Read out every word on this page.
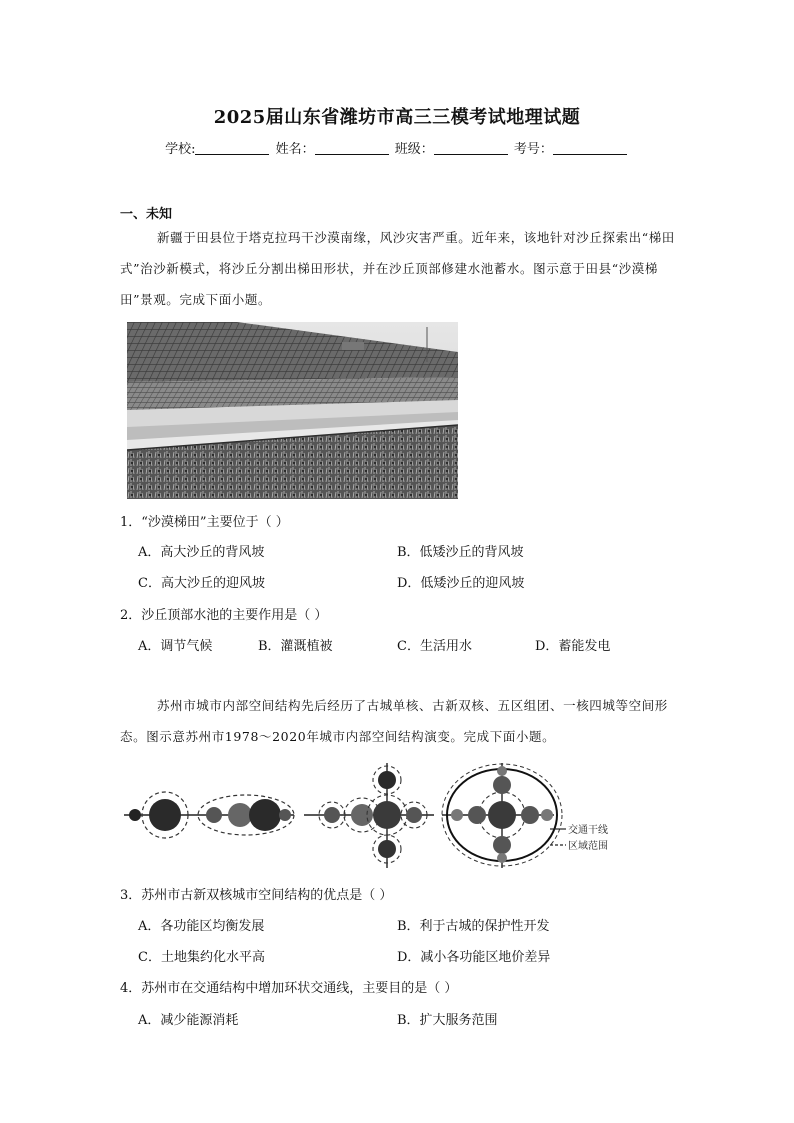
2025届山东省潍坊市高三三模考试地理试题
学校:	姓名：	班级：	考号：
一、未知

新疆于田县位于塔克拉玛干沙漠南缘，风沙灾害严重。近年来，该地针对沙丘探索出“梯田式”治沙新模式，将沙丘分割出梯田形状，并在沙丘顶部修建水池蓄水。图示意于田县“沙漠梯田”景观。完成下面小题。

1．“沙漠梯田”主要位于（ ）
A．高大沙丘的背风坡	B．低矮沙丘的背风坡
C．高大沙丘的迎风坡	D．低矮沙丘的迎风坡
2．沙丘顶部水池的主要作用是（ ）
A．调节气候	B．灌溉植被	C．生活用水	D．蓄能发电

苏州市城市内部空间结构先后经历了古城单核、古新双核、五区组团、一核四城等空间形态。图示意苏州市1978～2020年城市内部空间结构演变。完成下面小题。

交通干线
区域范围
3．苏州市古新双核城市空间结构的优点是（ ）
A．各功能区均衡发展	B．利于古城的保护性开发
C．土地集约化水平高	D．减小各功能区地价差异
4．苏州市在交通结构中增加环状交通线，主要目的是（ ）
A．减少能源消耗	B．扩大服务范围
